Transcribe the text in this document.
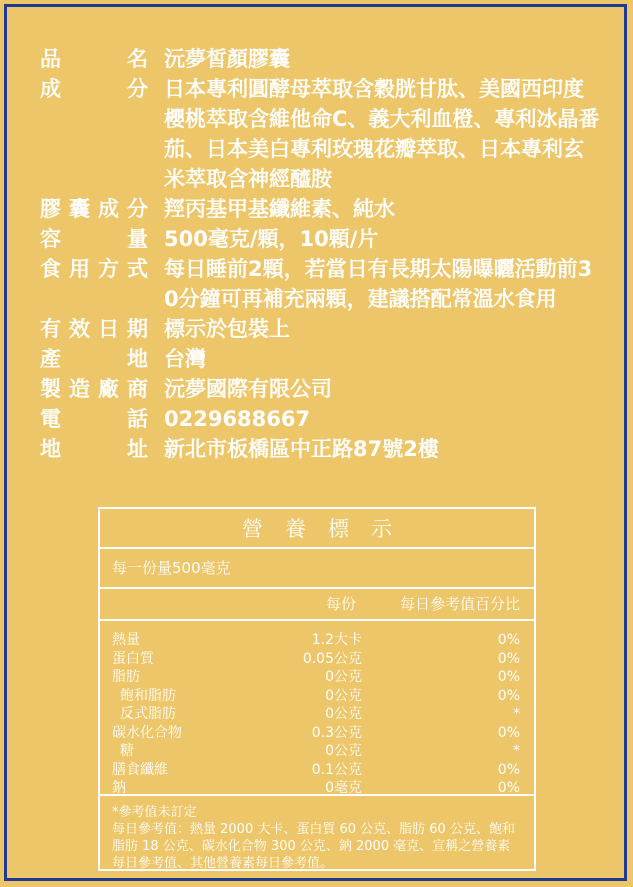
品	名 沅夢皙顏膠囊
成	分 日本專利圓酵母萃取含穀胱甘肽、美國西印度櫻桃萃取含維他命C、義大利血橙、專利冰晶番茄、日本美白專利玫瑰花瓣萃取、日本專利玄米萃取含神經醯胺
膠 囊 成 分 羥丙基甲基纖維素、純水
容	量 500毫克/顆，10顆/片
食 用 方 式 每日睡前2顆，若當日有長期太陽曝曬活動前30分鐘可再補充兩顆，建議搭配常溫水食用
有 效 日 期 標示於包裝上
產	地 台灣
製 造 廠 商 沅夢國際有限公司
電	話 0229688667
地	址 新北市板橋區中正路87號2樓
營養標示
每一份量500毫克
每份	每日參考值百分比
熱量	1.2大卡	0%
蛋白質	0.05公克	0%
脂肪	0公克	0%
飽和脂肪	0公克	0%
反式脂肪	0公克	*
碳水化合物	0.3公克	0%
糖	0公克	*
膳食纖維	0.1公克	0%
鈉	0毫克	0%
*參考值未訂定
每日參考值：熱量 2000 大卡、蛋白質 60 公克、脂肪 60 公克、飽和脂肪 18 公克、碳水化合物 300 公克、鈉 2000 毫克、宣稱之營養素每日參考值、其他營養素每日參考值。
